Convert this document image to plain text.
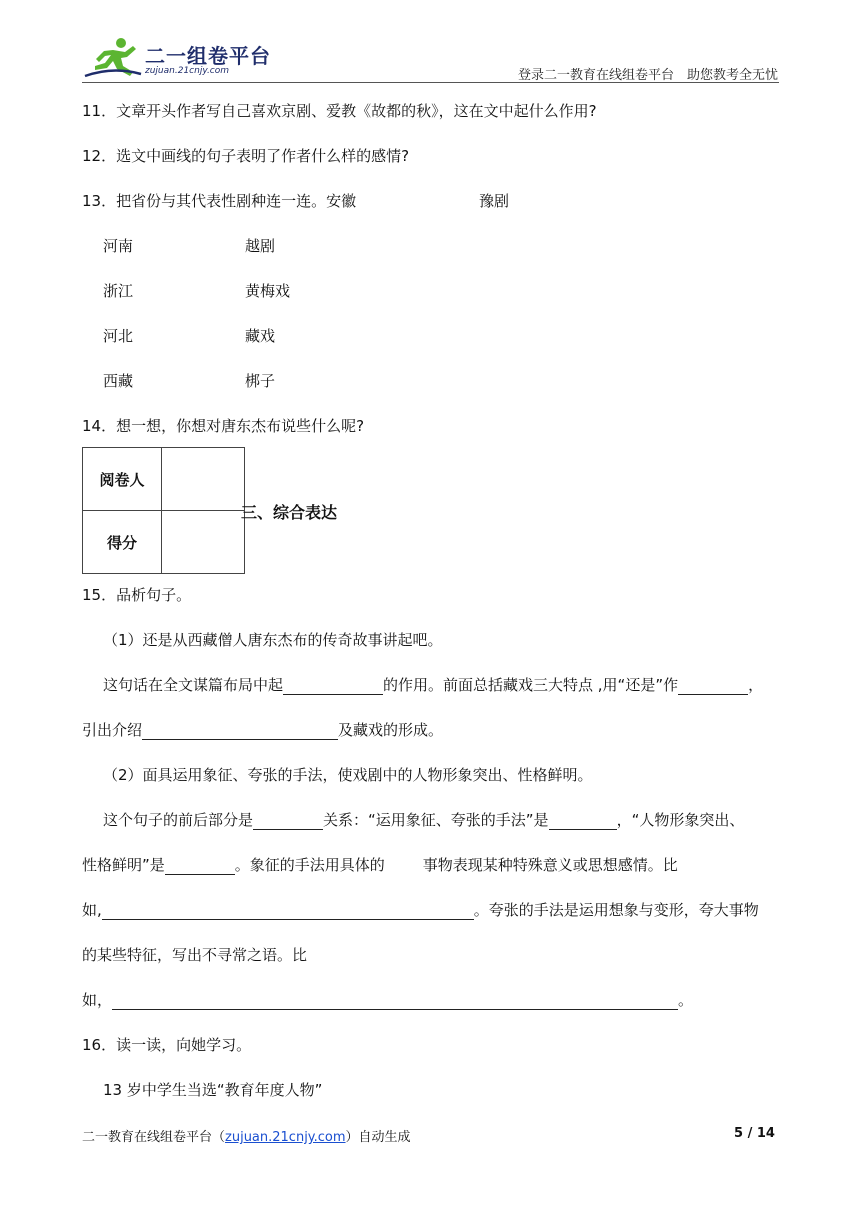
二一组卷平台
zujuan.21cnjy.com	登录二一教育在线组卷平台　助您教考全无忧
11．文章开头作者写自己喜欢京剧、爱教《故都的秋》，这在文中起什么作用?
12．选文中画线的句子表明了作者什么样的感情?
13．把省份与其代表性剧种连一连。安徽	豫剧
河南	越剧
浙江	黄梅戏
河北	藏戏
西藏	梆子
14．想一想，你想对唐东杰布说些什么呢?
阅卷人	
得分	
三、综合表达
15．品析句子。
（1）还是从西藏僧人唐东杰布的传奇故事讲起吧。
这句话在全文谋篇布局中起	的作用。前面总括藏戏三大特点 ,用“还是”作	，
引出介绍	及藏戏的形成。
（2）面具运用象征、夸张的手法，使戏剧中的人物形象突出、性格鲜明。
这个句子的前后部分是	关系：“运用象征、夸张的手法”是	，“人物形象突出、
性格鲜明”是	。象征的手法用具体的	事物表现某种特殊意义或思想感情。比
如,	。夸张的手法是运用想象与变形，夸大事物
的某些特征，写出不寻常之语。比
如，	。
16．读一读，向她学习。
13 岁中学生当选“教育年度人物”
二一教育在线组卷平台（zujuan.21cnjy.com）自动生成	5 / 14
